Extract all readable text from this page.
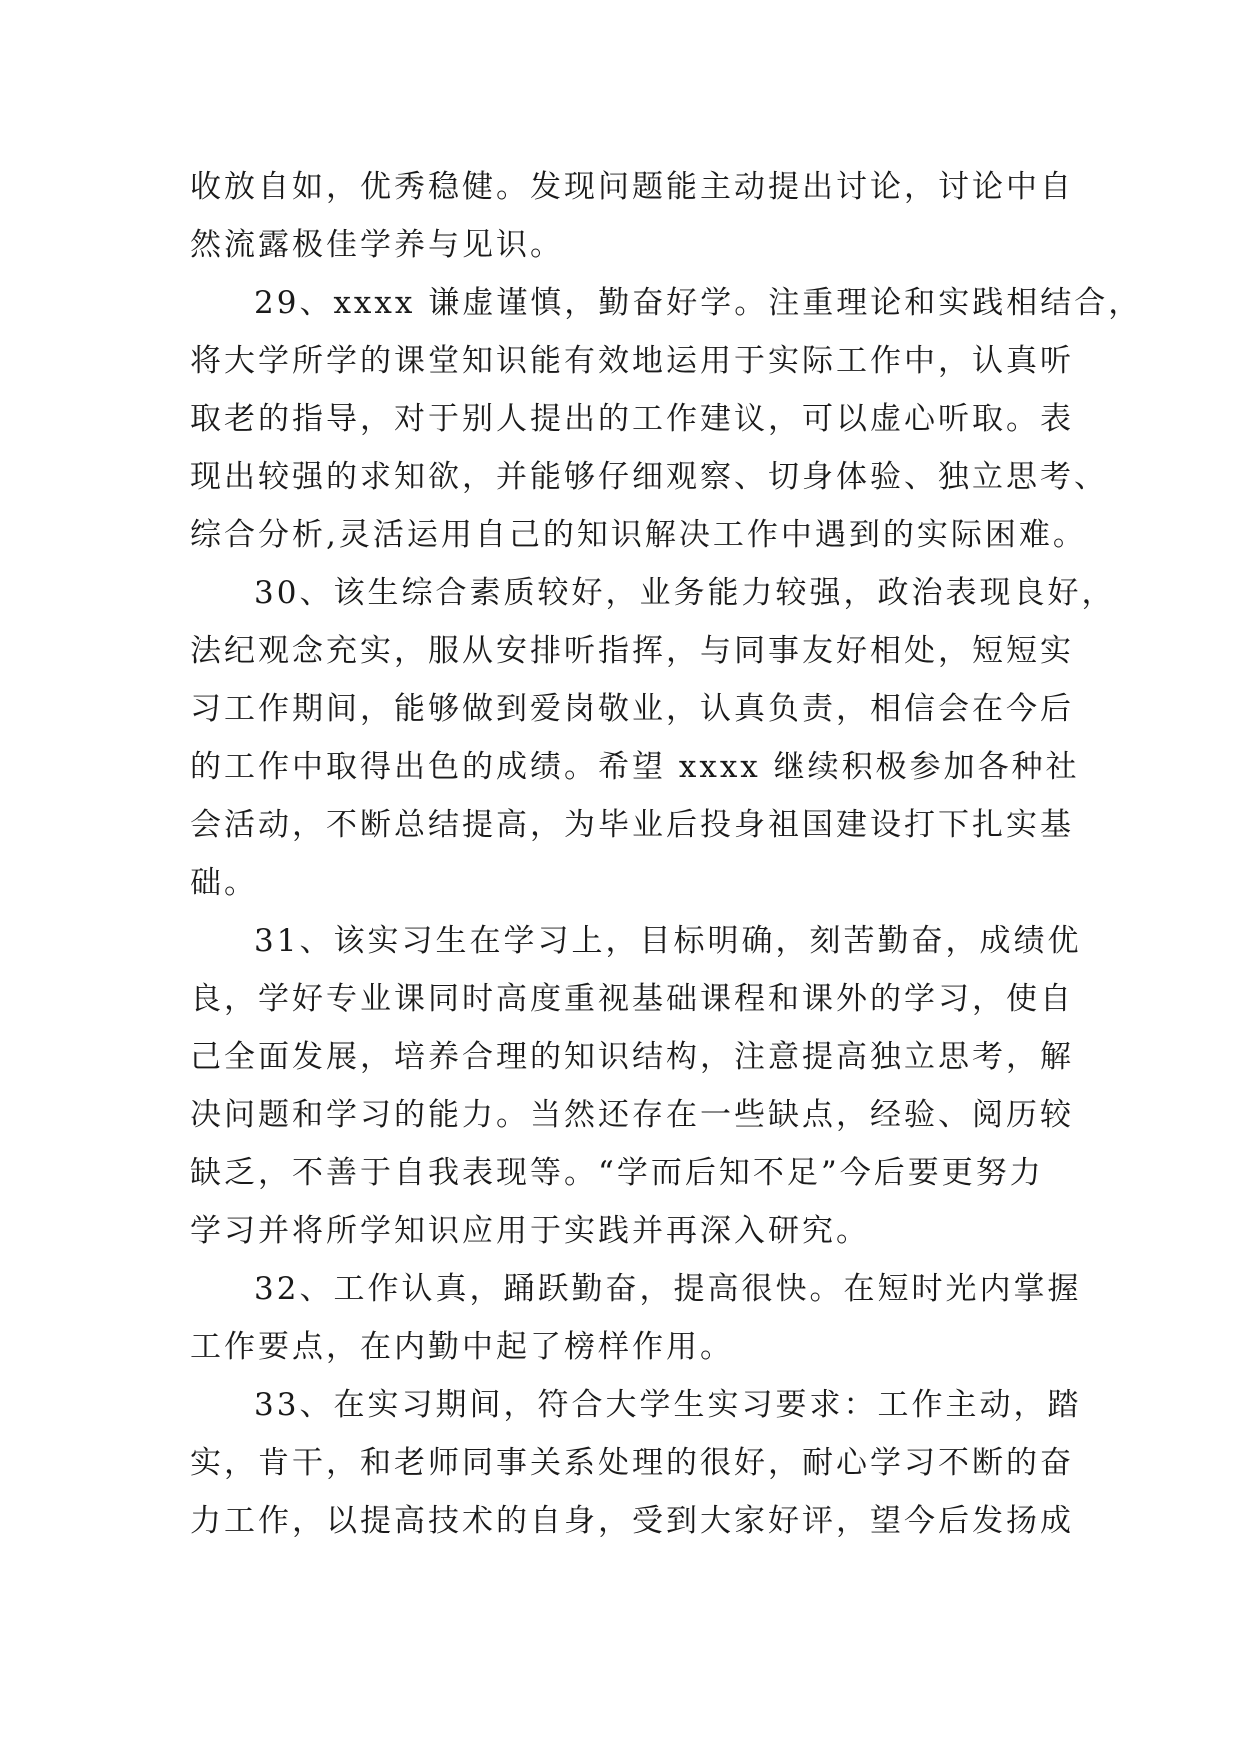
收放自如，优秀稳健。发现问题能主动提出讨论，讨论中自
然流露极佳学养与见识。
29、xxxx 谦虚谨慎，勤奋好学。注重理论和实践相结合，
将大学所学的课堂知识能有效地运用于实际工作中，认真听
取老的指导，对于别人提出的工作建议，可以虚心听取。表
现出较强的求知欲，并能够仔细观察、切身体验、独立思考、
综合分析,灵活运用自己的知识解决工作中遇到的实际困难。
30、该生综合素质较好，业务能力较强，政治表现良好，
法纪观念充实，服从安排听指挥，与同事友好相处，短短实
习工作期间，能够做到爱岗敬业，认真负责，相信会在今后
的工作中取得出色的成绩。希望 xxxx 继续积极参加各种社
会活动，不断总结提高，为毕业后投身祖国建设打下扎实基
础。
31、该实习生在学习上，目标明确，刻苦勤奋，成绩优
良，学好专业课同时高度重视基础课程和课外的学习，使自
己全面发展，培养合理的知识结构，注意提高独立思考，解
决问题和学习的能力。当然还存在一些缺点，经验、阅历较
缺乏，不善于自我表现等。“学而后知不足”今后要更努力
学习并将所学知识应用于实践并再深入研究。
32、工作认真，踊跃勤奋，提高很快。在短时光内掌握
工作要点，在内勤中起了榜样作用。
33、在实习期间，符合大学生实习要求：工作主动，踏
实，肯干，和老师同事关系处理的很好，耐心学习不断的奋
力工作，以提高技术的自身，受到大家好评，望今后发扬成
